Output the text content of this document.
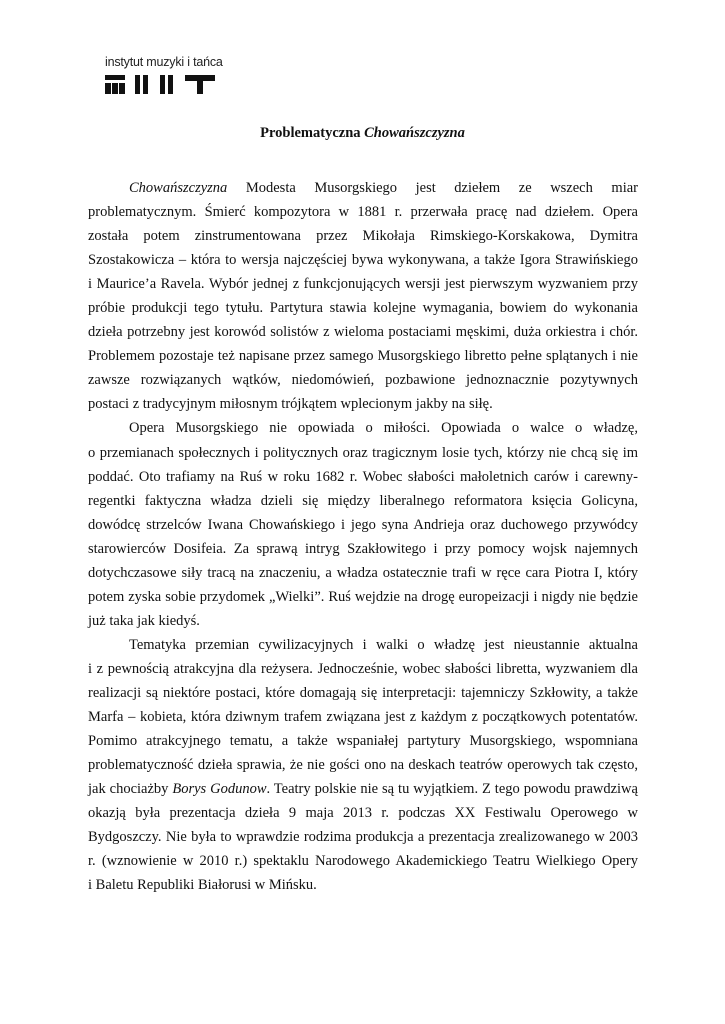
instytut muzyki i tańca
Problematyczna Chowańszczyzna
Chowańszczyzna Modesta Musorgskiego jest dziełem ze wszech miar
problematycznym. Śmierć kompozytora w 1881 r. przerwała pracę nad dziełem. Opera
została potem zinstrumentowana przez Mikołaja Rimskiego-Korskakowa, Dymitra
Szostakowicza – która to wersja najczęściej bywa wykonywana, a także Igora Strawińskiego
i Maurice’a Ravela. Wybór jednej z funkcjonujących wersji jest pierwszym wyzwaniem przy
próbie produkcji tego tytułu. Partytura stawia kolejne wymagania, bowiem do wykonania
dzieła potrzebny jest korowód solistów z wieloma postaciami męskimi, duża orkiestra i chór.
Problemem pozostaje też napisane przez samego Musorgskiego libretto pełne splątanych i nie
zawsze rozwiązanych wątków, niedomówień, pozbawione jednoznacznie pozytywnych
postaci z tradycyjnym miłosnym trójkątem wplecionym jakby na siłę.
Opera Musorgskiego nie opowiada o miłości. Opowiada o walce o władzę,
o przemianach społecznych i politycznych oraz tragicznym losie tych, którzy nie chcą się im
poddać. Oto trafiamy na Ruś w roku 1682 r. Wobec słabości małoletnich carów i carewny-
regentki faktyczna władza dzieli się między liberalnego reformatora księcia Golicyna,
dowódcę strzelców Iwana Chowańskiego i jego syna Andrieja oraz duchowego przywódcy
starowierców Dosifeia. Za sprawą intryg Szakłowitego i przy pomocy wojsk najemnych
dotychczasowe siły tracą na znaczeniu, a władza ostatecznie trafi w ręce cara Piotra I, który
potem zyska sobie przydomek „Wielki”. Ruś wejdzie na drogę europeizacji i nigdy nie będzie
już taka jak kiedyś.
Tematyka przemian cywilizacyjnych i walki o władzę jest nieustannie aktualna
i z pewnością atrakcyjna dla reżysera. Jednocześnie, wobec słabości libretta, wyzwaniem dla
realizacji są niektóre postaci, które domagają się interpretacji: tajemniczy Szkłowity, a także
Marfa – kobieta, która dziwnym trafem związana jest z każdym z początkowych potentatów.
Pomimo atrakcyjnego tematu, a także wspaniałej partytury Musorgskiego, wspomniana
problematyczność dzieła sprawia, że nie gości ono na deskach teatrów operowych tak często,
jak chociażby Borys Godunow. Teatry polskie nie są tu wyjątkiem. Z tego powodu prawdziwą
okazją była prezentacja dzieła 9 maja 2013 r. podczas XX Festiwalu Operowego w
Bydgoszczy. Nie była to wprawdzie rodzima produkcja a prezentacja zrealizowanego w 2003
r. (wznowienie w 2010 r.) spektaklu Narodowego Akademickiego Teatru Wielkiego Opery
i Baletu Republiki Białorusi w Mińsku.
